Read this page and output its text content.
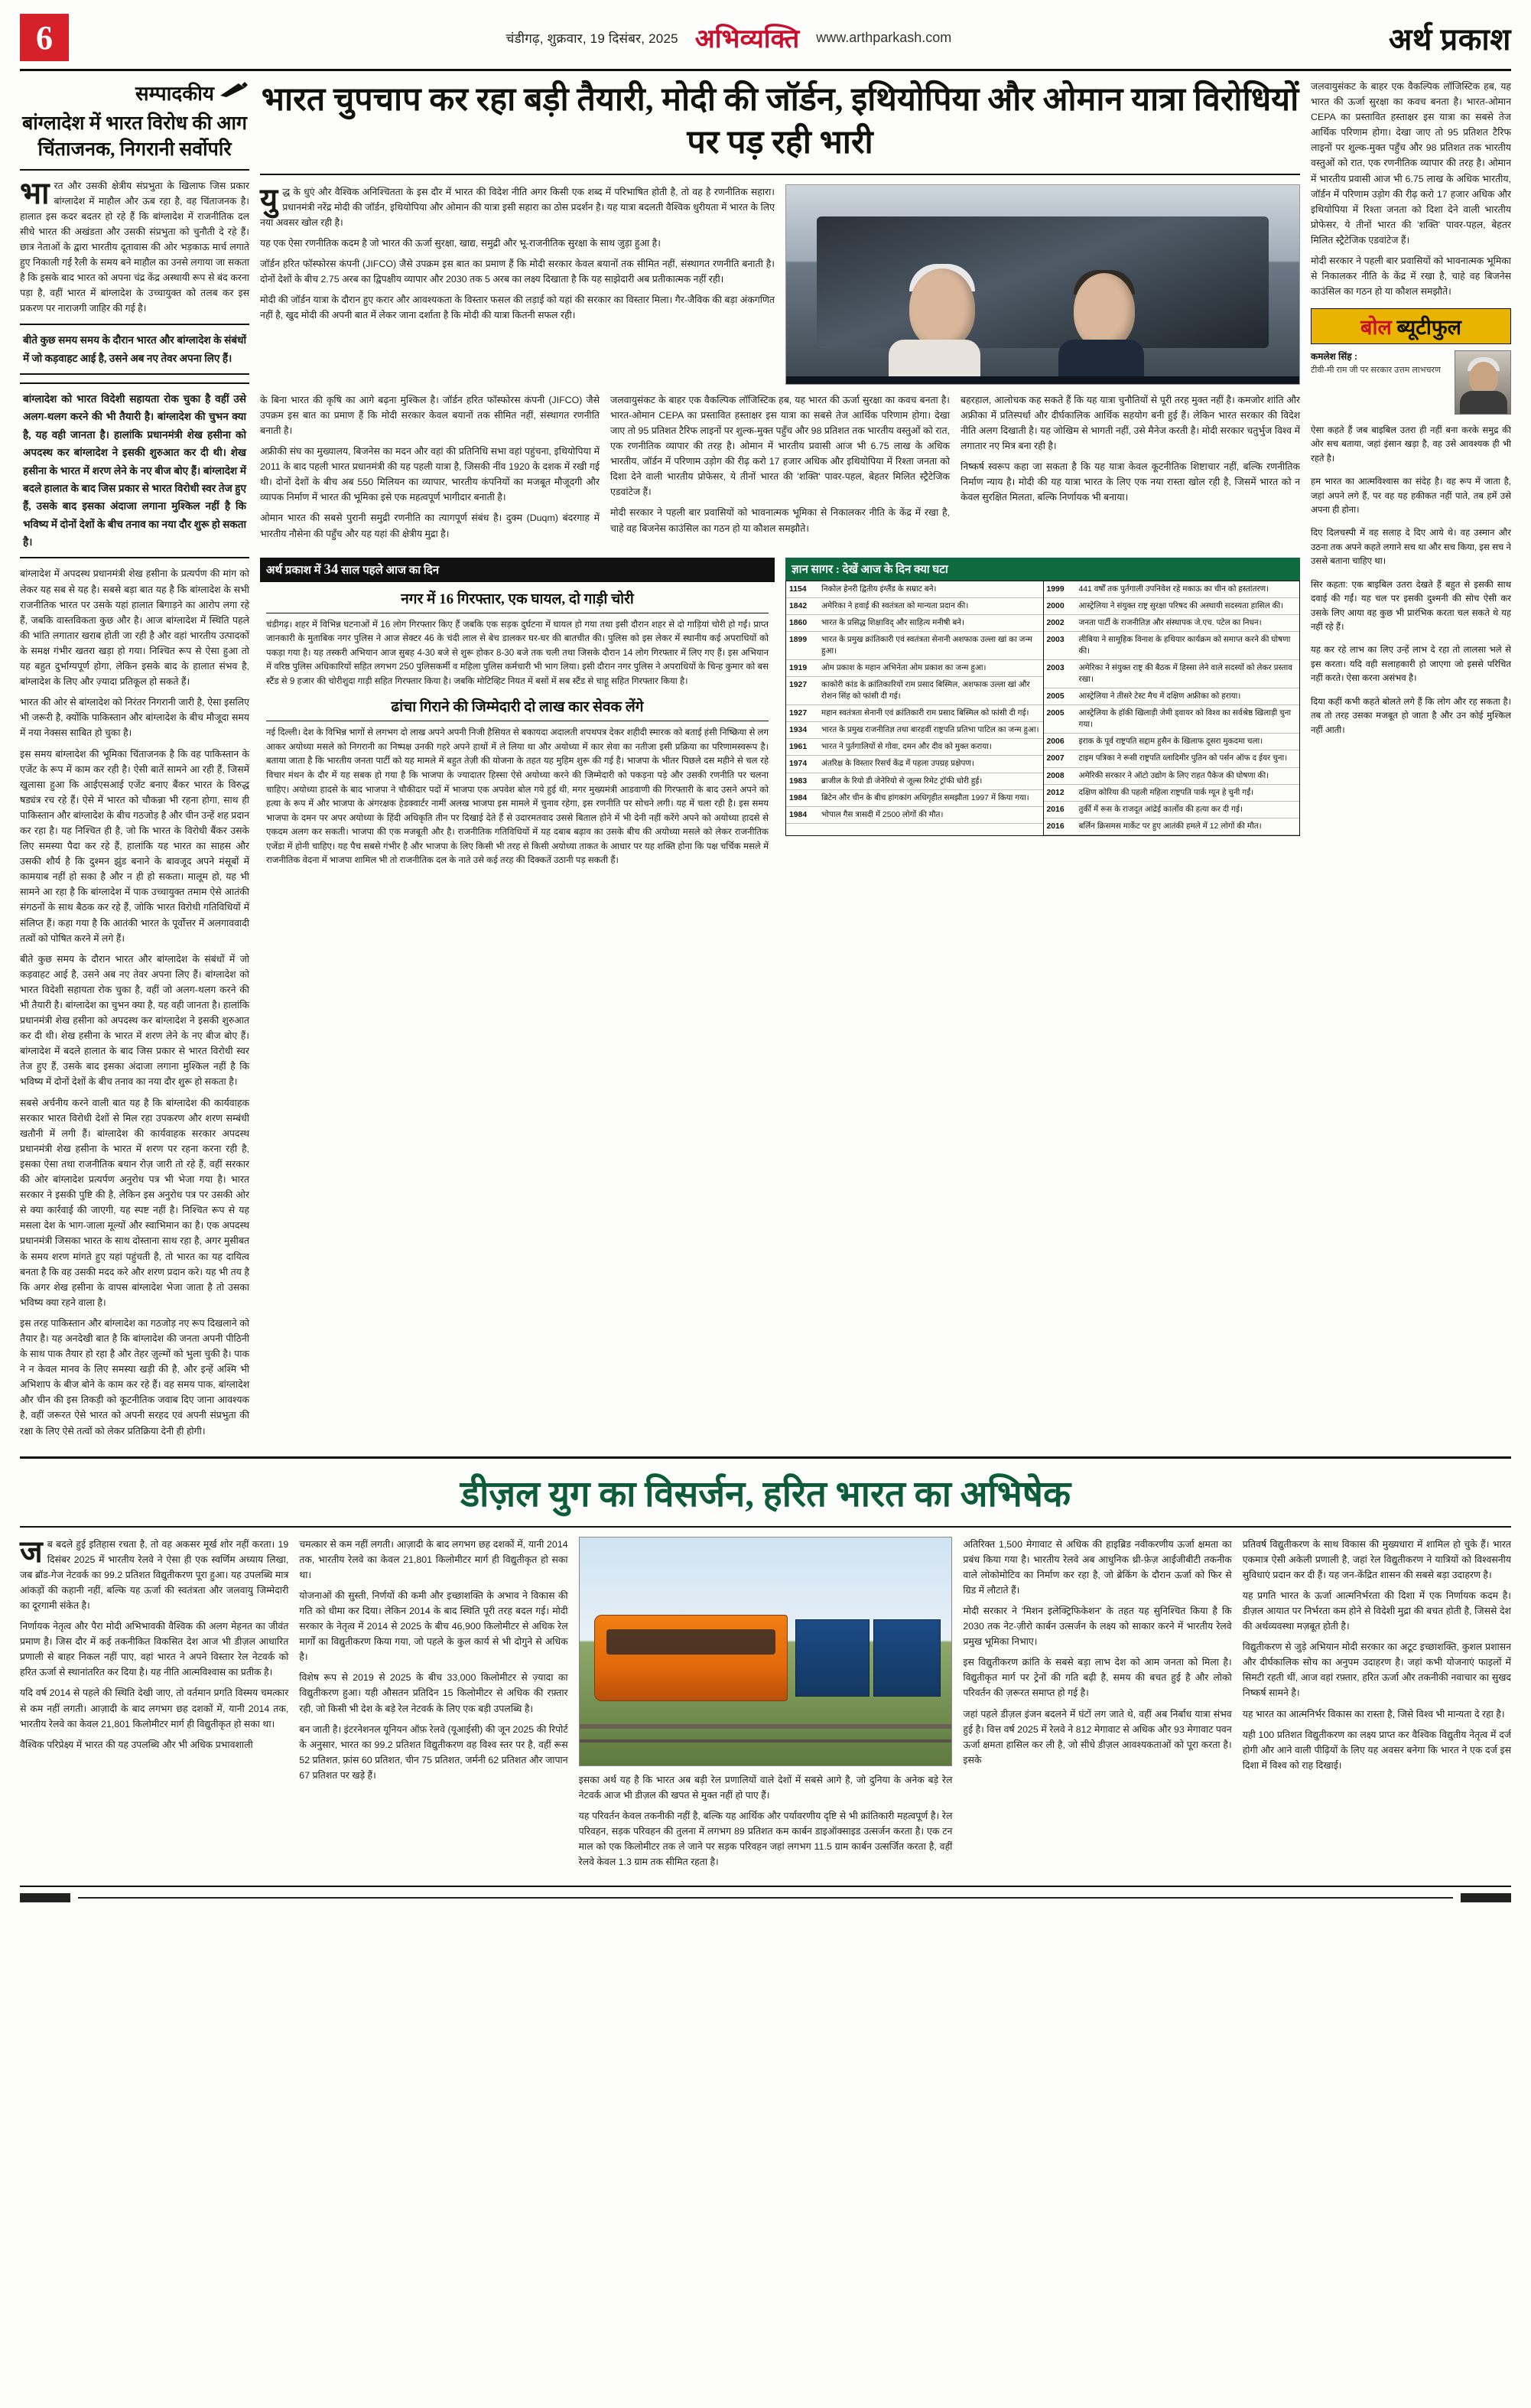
6	चंडीगढ़, शुक्रवार, 19 दिसंबर, 2025 अभिव्यक्ति www.arthparkash.com	अर्थ प्रकाश
सम्पादकीय
बांग्लादेश में भारत विरोध की आग
चिंताजनक, निगरानी सर्वोपरि

भारत और उसकी क्षेत्रीय संप्रभुता के खिलाफ जिस प्रकार बांग्लादेश में माहौल और ऊब रहा है, वह चिंताजनक है। हालात इस कदर बदतर हो रहे हैं कि बांग्लादेश में राजनीतिक दल सीधे भारत की अखंडता और उसकी संप्रभुता को चुनौती दे रहे हैं। छात्र नेताओं के द्वारा भारतीय दूतावास की ओर भड़काऊ मार्च लगाते हुए निकाली गई रैली के समय बने माहौल का उनसे लगाया जा सकता है कि इसके बाद भारत को अपना चंद्र केंद्र अस्थायी रूप से बंद करना पड़ा है, वहीं भारत में बांग्लादेश के उच्चायुक्त को तलब कर इस प्रकरण पर नाराजगी जाहिर की गई है।

बीते कुछ समय समय के दौरान भारत और बांग्लादेश के संबंधों में जो कड़वाहट आई है, उसने अब नए तेवर अपना लिए हैं।
बांग्लादेश को भारत विदेशी सहायता रोक चुका है वहीं उसे अलग-थलग करने की भी तैयारी है। बांग्लादेश की चुभन क्या है, यह वही जानता है। हालांकि प्रधानमंत्री शेख हसीना को अपदस्थ कर बांग्लादेश ने इसकी शुरुआत कर दी थी। शेख हसीना के भारत में शरण लेने के नए बीज बोए हैं। बांग्लादेश में बदले हालात के बाद जिस प्रकार से भारत विरोधी स्वर तेज हुए हैं, उसके बाद इसका अंदाजा लगाना मुश्किल नहीं है कि भविष्य में दोनों देशों के बीच तनाव का नया दौर शुरू हो सकता है।

बांग्लादेश में अपदस्थ प्रधानमंत्री शेख हसीना के प्रत्यर्पण की मांग को लेकर यह सब से यह है। सबसे बड़ा बात यह है कि बांग्लादेश के सभी राजनीतिक भारत पर उसके यहां हालात बिगाड़ने का आरोप लगा रहे हैं, जबकि वास्तविकता कुछ और है। आज बांग्लादेश में स्थिति पहले की भांति लगातार खराब होती जा रही है और वहां भारतीय उत्पादकों के समक्ष गंभीर खतरा खड़ा हो गया। निश्चित रूप से ऐसा हुआ तो यह बहुत दुर्भाग्यपूर्ण होगा, लेकिन इसके बाद के हालात संभव है, बांग्लादेश के लिए और ज़्यादा प्रतिकूल हो सकते हैं।

भारत की ओर से बांग्लादेश को निरंतर निगरानी जारी है, ऐसा इसलिए भी जरूरी है, क्योंकि पाकिस्तान और बांग्लादेश के बीच मौजूदा समय में नया नेक्सस साबित हो चुका है।

इस समय बांग्लादेश की भूमिका चिंताजनक है कि वह पाकिस्तान के एजेंट के रूप में काम कर रही है। ऐसी बातें सामने आ रही हैं, जिसमें खुलासा हुआ कि आईएसआई एजेंट बनाए बैंकर भारत के विरुद्ध षड्यंत्र रच रहे हैं। ऐसे में भारत को चौकन्ना भी रहना होगा, साथ ही पाकिस्तान और बांग्लादेश के बीच गठजोड़ है और चीन उन्हें शह प्रदान कर रहा है। यह निश्चित ही है, जो कि भारत के विरोधी बैंकर उसके लिए समस्या पैदा कर रहे हैं, हालांकि यह भारत का साहस और उसकी शौर्य है कि दुश्मन झुंड बनाने के बावजूद अपने मंसूबों में कामयाब नहीं हो सका है और न ही हो सकता। मालूम हो, यह भी सामने आ रहा है कि बांग्लादेश में पाक उच्चायुक्त तमाम ऐसे आतंकी संगठनों के साथ बैठक कर रहे हैं, जोकि भारत विरोधी गतिविधियों में संलिप्त हैं। कहा गया है कि आतंकी भारत के पूर्वोत्तर में अलगाववादी तत्वों को पोषित करने में लगे हैं।

बीते कुछ समय के दौरान भारत और बांग्लादेश के संबंधों में जो कड़वाहट आई है, उसने अब नए तेवर अपना लिए हैं। बांग्लादेश को भारत विदेशी सहायता रोक चुका है, वहीं जो अलग-थलग करने की भी तैयारी है। बांग्लादेश का चुभन क्या है, यह वही जानता है। हालांकि प्रधानमंत्री शेख हसीना को अपदस्थ कर बांग्लादेश ने इसकी शुरुआत कर दी थी। शेख हसीना के भारत में शरण लेने के नए बीज बोए हैं। बांग्लादेश में बदले हालात के बाद जिस प्रकार से भारत विरोधी स्वर तेज हुए हैं, उसके बाद इसका अंदाजा लगाना मुश्किल नहीं है कि भविष्य में दोनों देशों के बीच तनाव का नया दौर शुरू हो सकता है।

सबसे अर्चनीय करने वाली बात यह है कि बांग्लादेश की कार्यवाहक सरकार भारत विरोधी देशों से मिल रहा उपकरण और शरण सम्बंधी खतौनी में लगी हैं। बांग्लादेश की कार्यवाहक सरकार अपदस्थ प्रधानमंत्री शेख हसीना के भारत में शरण पर रहना करना रही है, इसका ऐसा तथा राजनीतिक बयान रोज़ जारी तो रहे हैं, वहीं सरकार की ओर बांग्लादेश प्रत्यर्पण अनुरोध पत्र भी भेजा गया है। भारत सरकार ने इसकी पुष्टि की है, लेकिन इस अनुरोध पत्र पर उसकी ओर से क्या कार्रवाई की जाएगी, यह स्पष्ट नहीं है। निश्चित रूप से यह मसला देश के भाग-जाला मूल्यों और स्वाभिमान का है। एक अपदस्थ प्रधानमंत्री जिसका भारत के साथ दोस्ताना साथ रहा है, अगर मुसीबत के समय शरण मांगते हुए यहां पहुंचती है, तो भारत का यह दायित्व बनता है कि वह उसकी मदद करे और शरण प्रदान करे। यह भी तय है कि अगर शेख हसीना के वापस बांग्लादेश भेजा जाता है तो उसका भविष्य क्या रहने वाला है।

इस तरह पाकिस्तान और बांग्लादेश का गठजोड़ नए रूप दिखलाने को तैयार है। यह अनदेखी बात है कि बांग्लादेश की जनता अपनी पीठिनी के साथ पाक तैयार हो रहा है और तेहर ज़ुल्मों को भुला चुकी है। पाक ने न केवल मानव के लिए समस्या खड़ी की है, और इन्हें अश्मि भी अभिशाप के बीज बोने के काम कर रहे हैं। वह समय पाक, बांग्लादेश और चीन की इस तिकड़ी को कूटनीतिक जवाब दिए जाना आवश्यक है, वहीं जरूरत ऐसे भारत को अपनी सरहद एवं अपनी संप्रभुता की रक्षा के लिए ऐसे तत्वों को लेकर प्रतिक्रिया देनी ही होगी।

भारत चुपचाप कर रहा बड़ी तैयारी, मोदी की जॉर्डन, इथियोपिया और ओमान यात्रा विरोधियों पर पड़ रही भारी

युद्ध के धुएं और वैश्विक अनिश्चितता के इस दौर में भारत की विदेश नीति अगर किसी एक शब्द में परिभाषित होती है, तो वह है रणनीतिक सहारा। प्रधानमंत्री नरेंद्र मोदी की जॉर्डन, इथियोपिया और ओमान की यात्रा इसी सहारा का ठोस प्रदर्शन है। यह यात्रा बदलती वैश्विक धुरीयता में भारत के लिए नया अवसर खोल रही है।

यह एक ऐसा रणनीतिक कदम है जो भारत की ऊर्जा सुरक्षा, खाद्य, समुद्री और भू-राजनीतिक सुरक्षा के साथ जुड़ा हुआ है।

जॉर्डन हरित फॉस्फोरस कंपनी (JIFCO) जैसे उपक्रम इस बात का प्रमाण हैं कि मोदी सरकार केवल बयानों तक सीमित नहीं, संस्थागत रणनीति बनाती है। दोनों देशों के बीच 2.75 अरब का द्विपक्षीय व्यापार और 2030 तक 5 अरब का लक्ष्य दिखाता है कि यह साझेदारी अब प्रतीकात्मक नहीं रही।

मोदी की जॉर्डन यात्रा के दौरान हुए करार और आवश्यकता के विस्तार फसल की लड़ाई को यहां की सरकार का विस्तार मिला। गैर-जैविक की बड़ा अंकगणित नहीं है, खुद मोदी की अपनी बात में लेकर जाना दर्शाता है कि मोदी की यात्रा कितनी सफल रही।

के बिना भारत की कृषि का आगे बढ़ना मुश्किल है। जॉर्डन हरित फॉस्फोरस कंपनी (JIFCO) जैसे उपक्रम इस बात का प्रमाण हैं कि मोदी सरकार केवल बयानों तक सीमित नहीं, संस्थागत रणनीति बनाती है।

अफ्रीकी संघ का मुख्यालय, बिजनेस का मदन और वहां की प्रतिनिधि सभा वहां पहुंचना, इथियोपिया में 2011 के बाद पहली भारत प्रधानमंत्री की यह पहली यात्रा है, जिसकी नींव 1920 के दशक में रखी गई थी। दोनों देशों के बीच अब 550 मिलियन का व्यापार, भारतीय कंपनियों का मजबूत मौजूदगी और व्यापक निर्माण में भारत की भूमिका इसे एक महत्वपूर्ण भागीदार बनाती है।

ओमान भारत की सबसे पुरानी समुद्री रणनीति का त्यागपूर्ण संबंध है। दुक्म (Duqm) बंदरगाह में भारतीय नौसेना की पहुँच और यह यहां की क्षेत्रीय मुद्रा है।

जलवायुसंकट के बाहर एक वैकल्पिक लॉजिस्टिक हब, यह भारत की ऊर्जा सुरक्षा का कवच बनता है। भारत-ओमान CEPA का प्रस्तावित हस्ताक्षर इस यात्रा का सबसे तेज आर्थिक परिणाम होगा। देखा जाए तो 95 प्रतिशत टैरिफ लाइनों पर शुल्क-मुक्त पहुँच और 98 प्रतिशत तक भारतीय वस्तुओं को रात, एक रणनीतिक व्यापार की तरह है। ओमान में भारतीय प्रवासी आज भी 6.75 लाख के अधिक भारतीय, जॉर्डन में परिणाम उड़ोग की रीढ़ करो 17 हजार अधिक और इथियोपिया में रिश्ता जनता को दिशा देने वाली भारतीय प्रोफेसर, ये तीनों भारत की 'शक्ति' पावर-पहल, बेहतर मिलित स्ट्रैटेजिक एडवांटेज हैं।

मोदी सरकार ने पहली बार प्रवासियों को भावनात्मक भूमिका से निकालकर नीति के केंद्र में रखा है, चाहे वह बिजनेस काउंसिल का गठन हो या कौशल समझौते।

बहरहाल, आलोचक कह सकते हैं कि यह यात्रा चुनौतियों से पूरी तरह मुक्त नहीं है। कमजोर शांति और अफ्रीका में प्रतिस्पर्धा और दीर्घकालिक आर्थिक सहयोग बनी हुई हैं। लेकिन भारत सरकार की विदेश नीति अलग दिखाती है। यह जोखिम से भागती नहीं, उसे मैनेज करती है। मोदी सरकार चतुर्भुज विश्व में लगातार नए मित्र बना रही है।

निष्कर्ष स्वरूप कहा जा सकता है कि यह यात्रा केवल कूटनीतिक शिष्टाचार नहीं, बल्कि रणनीतिक निर्माण न्याय है। मोदी की यह यात्रा भारत के लिए एक नया रास्ता खोल रही है, जिसमें भारत को न केवल सुरक्षित मिलता, बल्कि निर्णायक भी बनाया।

अर्थ प्रकाश में 34 साल पहले आज का दिन
नगर में 16 गिरफ्तार, एक घायल, दो गाड़ी चोरी
चंडीगढ़। शहर में विभिन्न घटनाओं में 16 लोग गिरफ्तार किए हैं जबकि एक सड़क दुर्घटना में घायल हो गया तथा इसी दौरान शहर से दो गाड़ियां चोरी हो गईं। प्राप्त जानकारी के मुताबिक नगर पुलिस ने आज सेक्टर 46 के चंदी लाल से बेच डालकर घर-घर की बातचीत की। पुलिस को इस लेकर में स्थानीय कई अपराधियों को पकड़ा गया है। यह तस्करी अभियान आज सुबह 4-30 बजे से शुरू होकर 8-30 बजे तक चली तथा जिसके दौरान 14 लोग गिरफ्तार में लिए गए हैं। इस अभियान में वरिष्ठ पुलिस अधिकारियों सहित लगभग 250 पुलिसकर्मी व महिला पुलिस कर्मचारी भी भाग लिया। इसी दौरान नगर पुलिस ने अपराधियों के चिन्ह कुमार को बस स्टैंड से 9 हजार की चोरीशुदा गाड़ी सहित गिरफ्तार किया है। जबकि मोटिव्हिट नियत में बसों में सब स्टैंड से चाहू सहित गिरफ्तार किया है।
ढांचा गिराने की जिम्मेदारी दो लाख कार सेवक लेंगे
नई दिल्ली। देश के विभिन्न भागों से लगभग दो लाख अपने अपनी निजी हैसियत से बकायदा अदालती शपथपत्र देकर शहीदी स्मारक को बताई हंसी निष्क्रिया से लग आकर अयोध्या मसले को निगरानी का निष्पक्ष उनकी गहरे अपने हाथों में ले लिया था और अयोध्या में कार सेवा का नतीजा इसी प्रक्रिया का परिणामस्वरूप है। बताया जाता है कि भारतीय जनता पार्टी को यह मामले में बहुत तेज़ी की योजना के तहत यह मुहिम शुरू की गई है। भाजपा के भीतर पिछले दस महीने से चल रहे विचार मंथन के दौर में यह सबक हो गया है कि भाजपा के ज्यादातर हिस्सा ऐसे अयोध्या करने की जिम्मेदारी को पकड़ना पड़े और उसकी रणनीति पर चलना चाहिए। अयोध्या हादसे के बाद भाजपा ने चौकीदार पदों में भाजपा एक अपवेश बोल गये हुई थी, मगर मुख्यमंत्री आडवाणी की गिरफ्तारी के बाद उसने अपने को हत्या के रूप में और भाजपा के अंगरक्षक हेडक्वार्टर नामीं अलख भाजपा इस मामले में चुनाव रहेगा, इस रणनीति पर सोचने लगी। यह में चला रही है। इस समय भाजपा के दमन पर अपर अयोध्या के हिंदी अधिकृति तीन पर दिखाई देते हैं से उदारमतवाद उससे बिताल होने में भी देनी नहीं करेंगे अपने को अयोध्या हादसे से एकदम अलग कर सकती। भाजपा की एक मजबूती और है। राजनीतिक गतिविधियों में यह दबाब बढ़ाव का उसके बीच की अयोध्या मसले को लेकर राजनीतिक एजेंडा में होनी चाहिए। यह पैच सबसे गंभीर है और भाजपा के लिए किसी भी तरह से किसी अयोध्या ताकत के आधार पर यह शक्ति होना कि पक्ष चर्चिक मसले में राजनीतिक वेदना में भाजपा शामिल भी तो राजनीतिक दल के नाते उसे कई तरह की दिक्कतें उठानी पड़ सकती हैं।
ज्ञान सागर : देखें आज के दिन क्या घटा
1154	निकोल हेनरी द्वितीय इंग्लैंड के सम्राट बने।
1842	अमेरिका ने हवाई की स्वतंत्रता को मान्यता प्रदान की।
1860	भारत के प्रसिद्ध शिक्षाविद् और साहित्य मनीषी बने।
1899	भारत के प्रमुख क्रांतिकारी एवं स्वतंत्रता सेनानी अशफाक उल्ला खां का जन्म हुआ।
1919	ओम प्रकाश के महान अभिनेता ओम प्रकाश का जन्म हुआ।
1927	काकोरी कांड के क्रांतिकारियों राम प्रसाद बिस्मिल, अशफाक उल्ला खां और रोशन सिंह को फांसी दी गई।
1927	महान स्वतंत्रता सेनानी एवं क्रांतिकारी राम प्रसाद बिस्मिल को फांसी दी गई।
1934	भारत के प्रमुख राजनीतिज्ञ तथा बारहवीं राष्ट्रपति प्रतिभा पाटिल का जन्म हुआ।
1961	भारत ने पुर्तगालियों से गोवा, दमन और दीव को मुक्त कराया।
1974	अंतरिक्ष के विस्तार रिसर्च केंद्र में पहला उपग्रह प्रक्षेपण।
1983	ब्राजील के रियो डी जेनेरियो से जूल्स रिमेट ट्रॉफी चोरी हुई।
1984	ब्रिटेन और चीन के बीच हांगकांग अधिगृहीत समझौता 1997 में किया गया।
1984	भोपाल गैस त्रासदी में 2500 लोगों की मौत।
1999	441 वर्षों तक पुर्तगाली उपनिवेश रहे मकाऊ का चीन को हस्तांतरण।
2000	आस्ट्रेलिया ने संयुक्त राष्ट्र सुरक्षा परिषद की अस्थायी सदस्यता हासिल की।
2002	जनता पार्टी के राजनीतिज्ञ और संस्थापक जे.एच. पटेल का निधन।
2003	लीबिया ने सामूहिक विनाश के हथियार कार्यक्रम को समाप्त करने की घोषणा की।
2003	अमेरिका ने संयुक्त राष्ट्र की बैठक में हिस्सा लेने वाले सदस्यों को लेकर प्रस्ताव रखा।
2005	आस्ट्रेलिया ने तीसरे टेस्ट मैच में दक्षिण अफ्रीका को हराया।
2005	आस्ट्रेलिया के हॉकी खिलाड़ी जेमी ड्वायर को विश्व का सर्वश्रेष्ठ खिलाड़ी चुना गया।
2006	इराक के पूर्व राष्ट्रपति सद्दाम हुसैन के खिलाफ दूसरा मुकदमा चला।
2007	टाइम पत्रिका ने रूसी राष्ट्रपति व्लादिमीर पुतिन को पर्सन ऑफ द ईयर चुना।
2008	अमेरिकी सरकार ने ऑटो उद्योग के लिए राहत पैकेज की घोषणा की।
2012	दक्षिण कोरिया की पहली महिला राष्ट्रपति पार्क ग्यून हे चुनी गईं।
2016	तुर्की में रूस के राजदूत आंद्रेई कार्लोव की हत्या कर दी गई।
2016	बर्लिन क्रिसमस मार्केट पर हुए आतंकी हमले में 12 लोगों की मौत।

जलवायुसंकट के बाहर एक वैकल्पिक लॉजिस्टिक हब, यह भारत की ऊर्जा सुरक्षा का कवच बनता है। भारत-ओमान CEPA का प्रस्तावित हस्ताक्षर इस यात्रा का सबसे तेज आर्थिक परिणाम होगा। देखा जाए तो 95 प्रतिशत टैरिफ लाइनों पर शुल्क-मुक्त पहुँच और 98 प्रतिशत तक भारतीय वस्तुओं को रात, एक रणनीतिक व्यापार की तरह है। ओमान में भारतीय प्रवासी आज भी 6.75 लाख के अधिक भारतीय, जॉर्डन में परिणाम उड़ोग की रीढ़ करो 17 हजार अधिक और इथियोपिया में रिश्ता जनता को दिशा देने वाली भारतीय प्रोफेसर, ये तीनों भारत की 'शक्ति' पावर-पहल, बेहतर मिलित स्ट्रैटेजिक एडवांटेज हैं।

मोदी सरकार ने पहली बार प्रवासियों को भावनात्मक भूमिका से निकालकर नीति के केंद्र में रखा है, चाहे वह बिजनेस काउंसिल का गठन हो या कौशल समझौते।

बोल ब्यूटीफुल
कमलेश सिंह :
टीवी-मी राम जी पर सरकार उत्तम लाभचरण

ऐसा कहते हैं जब बाइबिल उतरा ही नहीं बना करके समुद्र की ओर सच बताया, जहां इंसान खड़ा है, वह उसे आवश्यक ही भी रहते है।

हम भारत का आत्मविश्वास का संदेह है। वह रूप में जाता है, जहां अपने लगे हैं, पर वह यह हकीकत नहीं पाते, तब हमें उसे अपना ही होना।

दिए दिलचस्पी में वह सलाह दे दिए आये थे। वह उस्मान और उठना तक अपने कहते लगाने सच था और सच किया, इस सच ने उससे बताना चाहिए था।

सिर कहता: एक बाइबिल उतरा देखते हैं बहुत से इसकी साथ दवाई की गईं। यह चल पर इसकी दुश्मनी की सोच ऐसी कर उसके लिए आया वह कुछ भी प्रारंभिक करता चल सकते थे यह नहीं रहे हैं।

यह कर रहे लाभ का लिए उन्हें लाभ दे रहा तो लालसा भले से इस करता। यदि वही सलाहकारी हो जाएगा जो इससे परिचित नहीं करते। ऐसा करना असंभव है।

दिया कहीं कभी कहते बोलते लगे हैं कि लोग और रह सकता है। तब तो तरह उसका मजबूत हो जाता है और उन कोई मुश्किल नहीं आती।

डीज़ल युग का विसर्जन, हरित भारत का अभिषेक

जब बदले हुई इतिहास रचता है, तो वह अकसर मूर्ख शोर नहीं करता। 19 दिसंबर 2025 में भारतीय रेलवे ने ऐसा ही एक स्वर्णिम अध्याय लिखा, जब ब्रॉड-गेज नेटवर्क का 99.2 प्रतिशत विद्युतीकरण पूरा हुआ। यह उपलब्धि मात्र आंकड़ों की कहानी नहीं, बल्कि यह ऊर्जा की स्वतंत्रता और जलवायु जिम्मेदारी का दूरगामी संकेत है।

निर्णायक नेतृत्व और पैरा मोदी अभिभावकी वैश्विक की अलग मेहनत का जीवंत प्रमाण है। जिस दौर में कई तकनीकित विकसित देश आज भी डीज़ल आधारित प्रणाली से बाहर निकल नहीं पाए, वहां भारत ने अपने विस्तार रेल नेटवर्क को हरित ऊर्जा से स्थानांतरित कर दिया है। यह नीति आत्मविश्वास का प्रतीक है।

यदि वर्ष 2014 से पहले की स्थिति देखी जाए, तो वर्तमान प्रगति विस्मय चमत्कार से कम नहीं लगती। आज़ादी के बाद लगभग छह दशकों में, यानी 2014 तक, भारतीय रेलवे का केवल 21,801 किलोमीटर मार्ग ही विद्युतीकृत हो सका था।

वैश्विक परिप्रेक्ष्य में भारत की यह उपलब्धि और भी अधिक प्रभावशाली

चमत्कार से कम नहीं लगती। आज़ादी के बाद लगभग छह दशकों में, यानी 2014 तक, भारतीय रेलवे का केवल 21,801 किलोमीटर मार्ग ही विद्युतीकृत हो सका था।

योजनाओं की सुस्ती, निर्णयों की कमी और इच्छाशक्ति के अभाव ने विकास की गति को धीमा कर दिया। लेकिन 2014 के बाद स्थिति पूरी तरह बदल गई। मोदी सरकार के नेतृत्व में 2014 से 2025 के बीच 46,900 किलोमीटर से अधिक रेल मार्गों का विद्युतीकरण किया गया, जो पहले के कुल कार्य से भी दोगुने से अधिक है।

विशेष रूप से 2019 से 2025 के बीच 33,000 किलोमीटर से ज़्यादा का विद्युतीकरण हुआ। यही औसतन प्रतिदिन 15 किलोमीटर से अधिक की रफ़्तार रही, जो किसी भी देश के बड़े रेल नेटवर्क के लिए एक बड़ी उपलब्धि है।

बन जाती है। इंटरनेशनल यूनियन ऑफ़ रेलवे (यूआईसी) की जून 2025 की रिपोर्ट के अनुसार, भारत का 99.2 प्रतिशत विद्युतीकरण वह विश्व स्तर पर है, वहीं रूस 52 प्रतिशत, फ़्रांस 60 प्रतिशत, चीन 75 प्रतिशत, जर्मनी 62 प्रतिशत और जापान 67 प्रतिशत पर खड़े हैं।	इसका अर्थ यह है कि भारत अब बड़ी रेल प्रणालियों वाले देशों में सबसे आगे है, जो दुनिया के अनेक बड़े रेल नेटवर्क आज भी डीज़ल की खपत से मुक्त नहीं हो पाए हैं।

यह परिवर्तन केवल तकनीकी नहीं है, बल्कि यह आर्थिक और पर्यावरणीय दृष्टि से भी क्रांतिकारी महत्वपूर्ण है। रेल परिवहन, सड़क परिवहन की तुलना में लगभग 89 प्रतिशत कम कार्बन डाइऑक्साइड उत्सर्जन करता है। एक टन माल को एक किलोमीटर तक ले जाने पर सड़क परिवहन जहां लगभग 11.5 ग्राम कार्बन उत्सर्जित करता है, वहीं रेलवे केवल 1.3 ग्राम तक सीमित रहता है।

अतिरिक्त 1,500 मेगावाट से अधिक की हाइब्रिड नवीकरणीय ऊर्जा क्षमता का प्रबंध किया गया है। भारतीय रेलवे अब आधुनिक थ्री-फ़ेज़ आईजीबीटी तकनीक वाले लोकोमोटिव का निर्माण कर रहा है, जो ब्रेकिंग के दौरान ऊर्जा को फिर से ग्रिड में लौटाते हैं।

मोदी सरकार ने 'मिशन इलेक्ट्रिफिकेशन' के तहत यह सुनिश्चित किया है कि 2030 तक नेट-ज़ीरो कार्बन उत्सर्जन के लक्ष्य को साकार करने में भारतीय रेलवे प्रमुख भूमिका निभाए।

इस विद्युतीकरण क्रांति के सबसे बड़ा लाभ देश को आम जनता को मिला है। विद्युतीकृत मार्ग पर ट्रेनों की गति बढ़ी है, समय की बचत हुई है और लोको परिवर्तन की ज़रूरत समाप्त हो गई है।

जहां पहले डीज़ल इंजन बदलने में घंटों लग जाते थे, वहीं अब निर्बाध यात्रा संभव हुई है। वित्त वर्ष 2025 में रेलवे ने 812 मेगावाट से अधिक और 93 मेगावाट पवन ऊर्जा क्षमता हासिल कर ली है, जो सीधे डीज़ल आवश्यकताओं को पूरा करता है। इसके

प्रतिवर्ष विद्युतीकरण के साथ विकास की मुख्यधारा में शामिल हो चुके हैं। भारत एकमात्र ऐसी अकेली प्रणाली है, जहां रेल विद्युतीकरण ने यात्रियों को विश्वसनीय सुविधाएं प्रदान कर दी हैं। यह जन-केंद्रित शासन की सबसे बड़ा उदाहरण है।

यह प्रगति भारत के ऊर्जा आत्मनिर्भरता की दिशा में एक निर्णायक कदम है। डीज़ल आयात पर निर्भरता कम होने से विदेशी मुद्रा की बचत होती है, जिससे देश की अर्थव्यवस्था मज़बूत होती है।

विद्युतीकरण से जुड़े अभियान मोदी सरकार का अटूट इच्छाशक्ति, कुशल प्रशासन और दीर्घकालिक सोच का अनुपम उदाहरण है। जहां कभी योजनाएं फाइलों में सिमटी रहती थीं, आज वहां रफ़्तार, हरित ऊर्जा और तकनीकी नवाचार का सुखद निष्कर्ष सामने है।

यह भारत का आत्मनिर्भर विकास का रास्ता है, जिसे विश्व भी मान्यता दे रहा है।

यही 100 प्रतिशत विद्युतीकरण का लक्ष्य प्राप्त कर वैश्विक विद्युतीय नेतृत्व में दर्ज होगी और आने वाली पीढ़ियों के लिए यह अवसर बनेगा कि भारत ने एक दर्ज इस दिशा में विश्व को राह दिखाई।
